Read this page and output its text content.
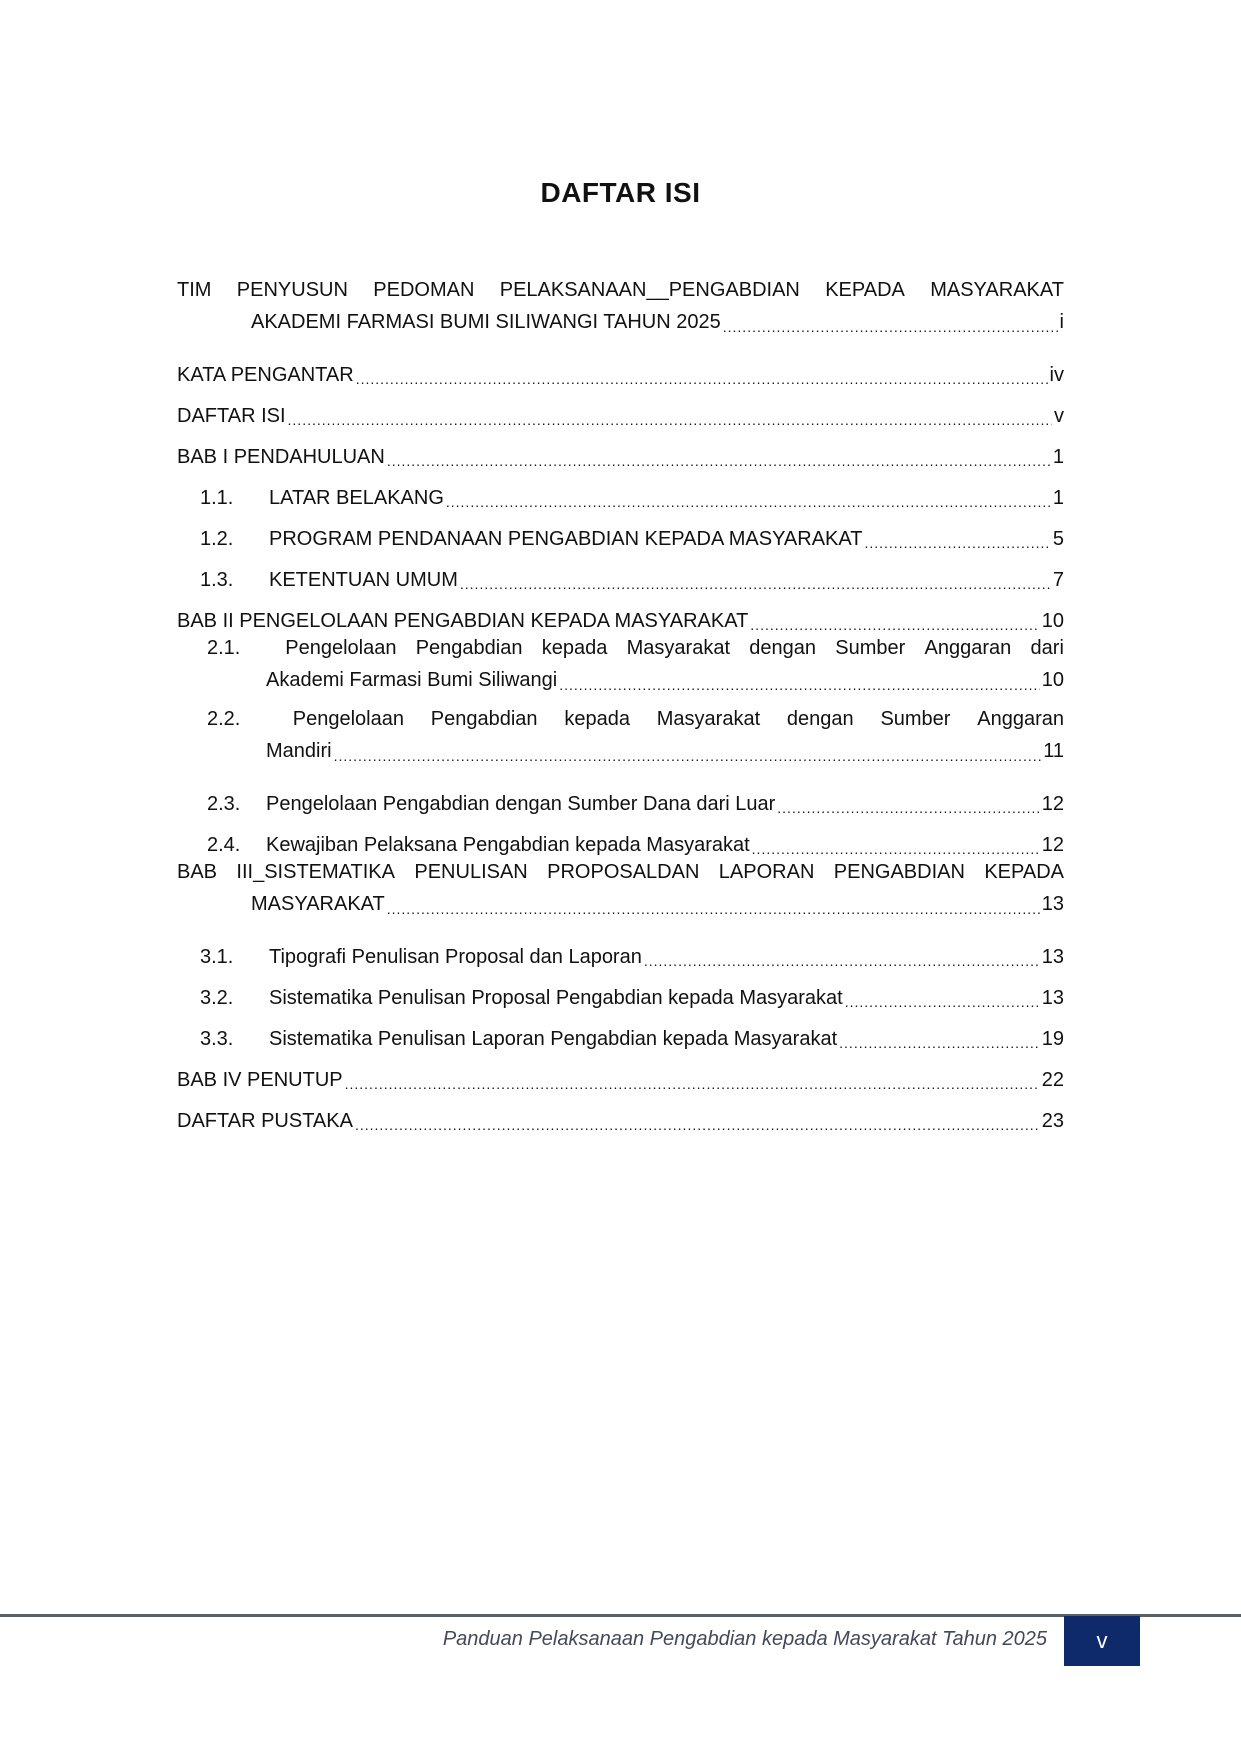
DAFTAR ISI
TIM PENYUSUN PEDOMAN PELAKSANAAN__PENGABDIAN KEPADA MASYARAKAT
AKADEMI FARMASI BUMI SILIWANGI TAHUN 2025 .....	i
KATA PENGANTAR .....	iv
DAFTAR ISI .....	v
BAB I PENDAHULUAN .....	1
1.1.	LATAR BELAKANG .....	1
1.2.	PROGRAM PENDANAAN PENGABDIAN KEPADA MASYARAKAT .....	5
1.3.	KETENTUAN UMUM .....	7
BAB II PENGELOLAAN PENGABDIAN KEPADA MASYARAKAT .....	10
2.1.	Pengelolaan Pengabdian kepada Masyarakat dengan Sumber Anggaran dari
Akademi Farmasi Bumi Siliwangi .....	10
2.2.	Pengelolaan Pengabdian kepada Masyarakat dengan Sumber Anggaran
Mandiri .....	11
2.3.	Pengelolaan Pengabdian dengan Sumber Dana dari Luar .....	12
2.4.	Kewajiban Pelaksana Pengabdian kepada Masyarakat .....	12
BAB III_SISTEMATIKA PENULISAN PROPOSALDAN LAPORAN PENGABDIAN KEPADA
MASYARAKAT .....	13
3.1.	Tipografi Penulisan Proposal dan Laporan .....	13
3.2.	Sistematika Penulisan Proposal Pengabdian kepada Masyarakat .....	13
3.3.	Sistematika Penulisan Laporan Pengabdian kepada Masyarakat .....	19
BAB IV PENUTUP .....	22
DAFTAR PUSTAKA .....	23
Panduan Pelaksanaan Pengabdian kepada Masyarakat Tahun 2025	v
